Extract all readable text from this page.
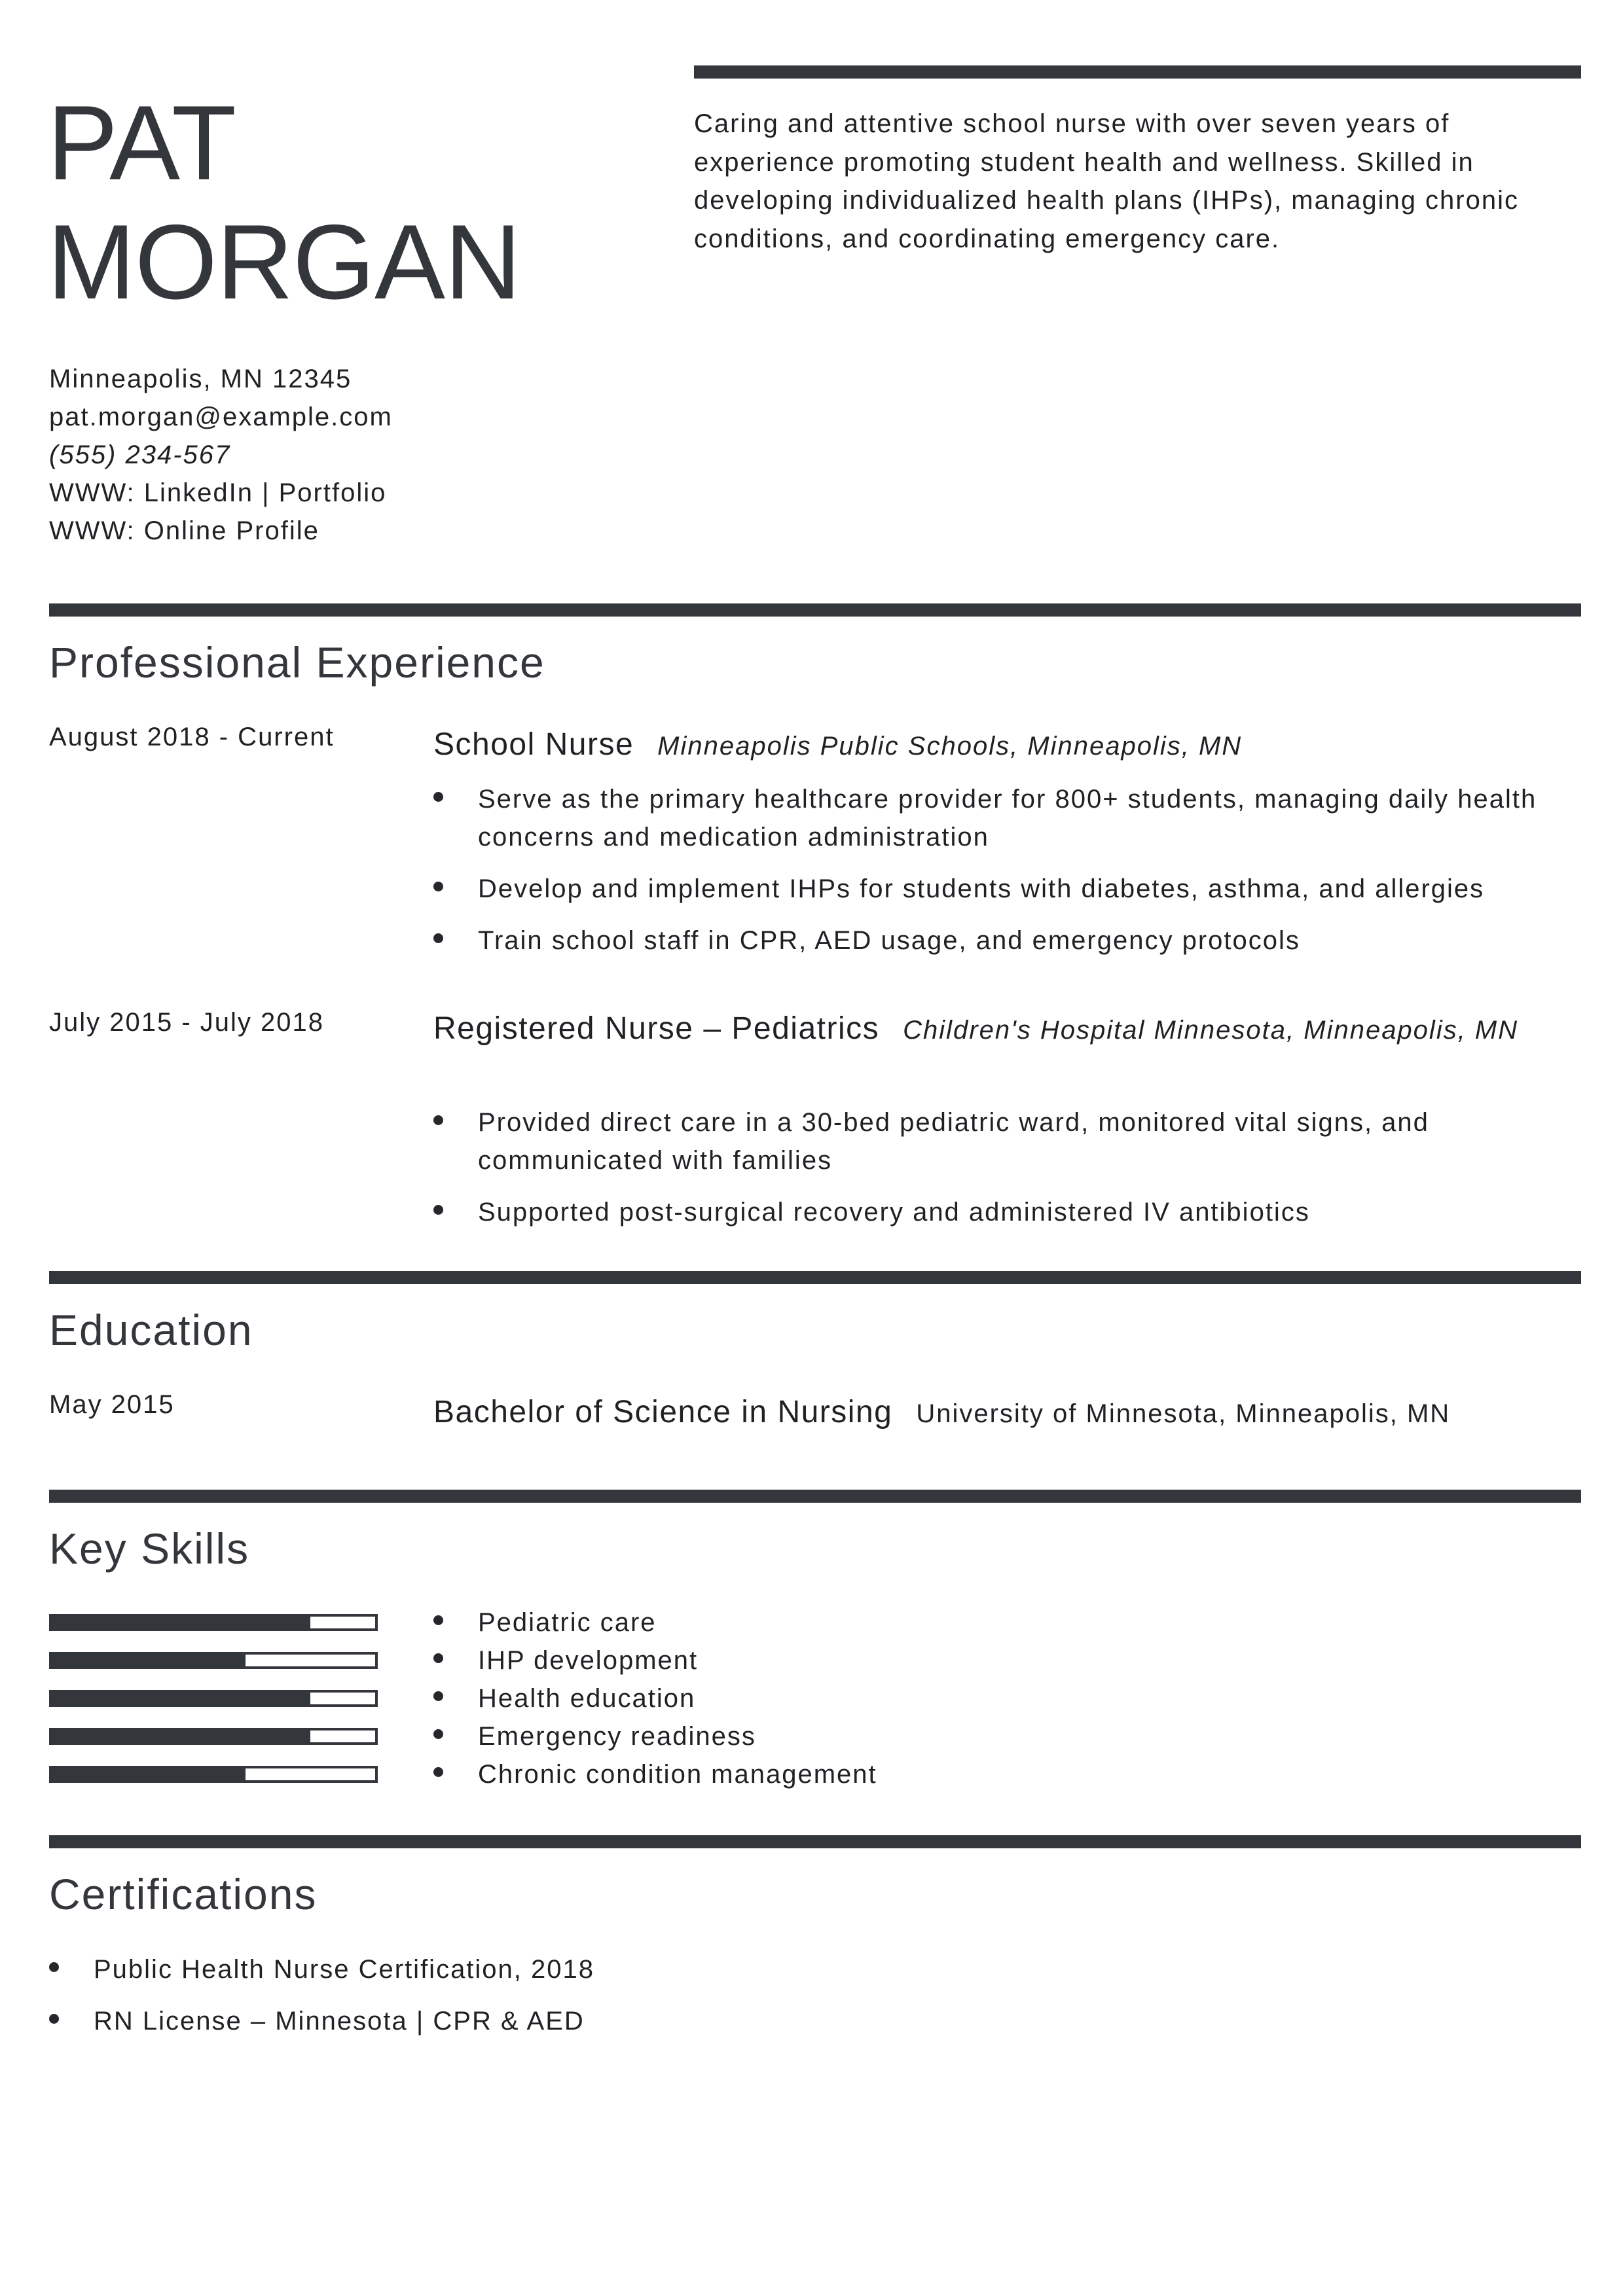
PAT
MORGAN
Caring and attentive school nurse with over seven years of experience promoting student health and wellness. Skilled in developing individualized health plans (IHPs), managing chronic conditions, and coordinating emergency care.
Minneapolis, MN 12345
pat.morgan@example.com
(555) 234-567
WWW: LinkedIn | Portfolio
WWW: Online Profile
Professional Experience
August 2018 - Current	School Nurse Minneapolis Public Schools, Minneapolis, MN
Serve as the primary healthcare provider for 800+ students, managing daily health concerns and medication administration
Develop and implement IHPs for students with diabetes, asthma, and allergies
Train school staff in CPR, AED usage, and emergency protocols
July 2015 - July 2018	Registered Nurse – Pediatrics Children's Hospital Minnesota, Minneapolis, MN
Provided direct care in a 30-bed pediatric ward, monitored vital signs, and communicated with families
Supported post-surgical recovery and administered IV antibiotics
Education
May 2015	Bachelor of Science in Nursing University of Minnesota, Minneapolis, MN
Key Skills
Pediatric care
IHP development
Health education
Emergency readiness
Chronic condition management
Certifications
Public Health Nurse Certification, 2018
RN License – Minnesota | CPR & AED
